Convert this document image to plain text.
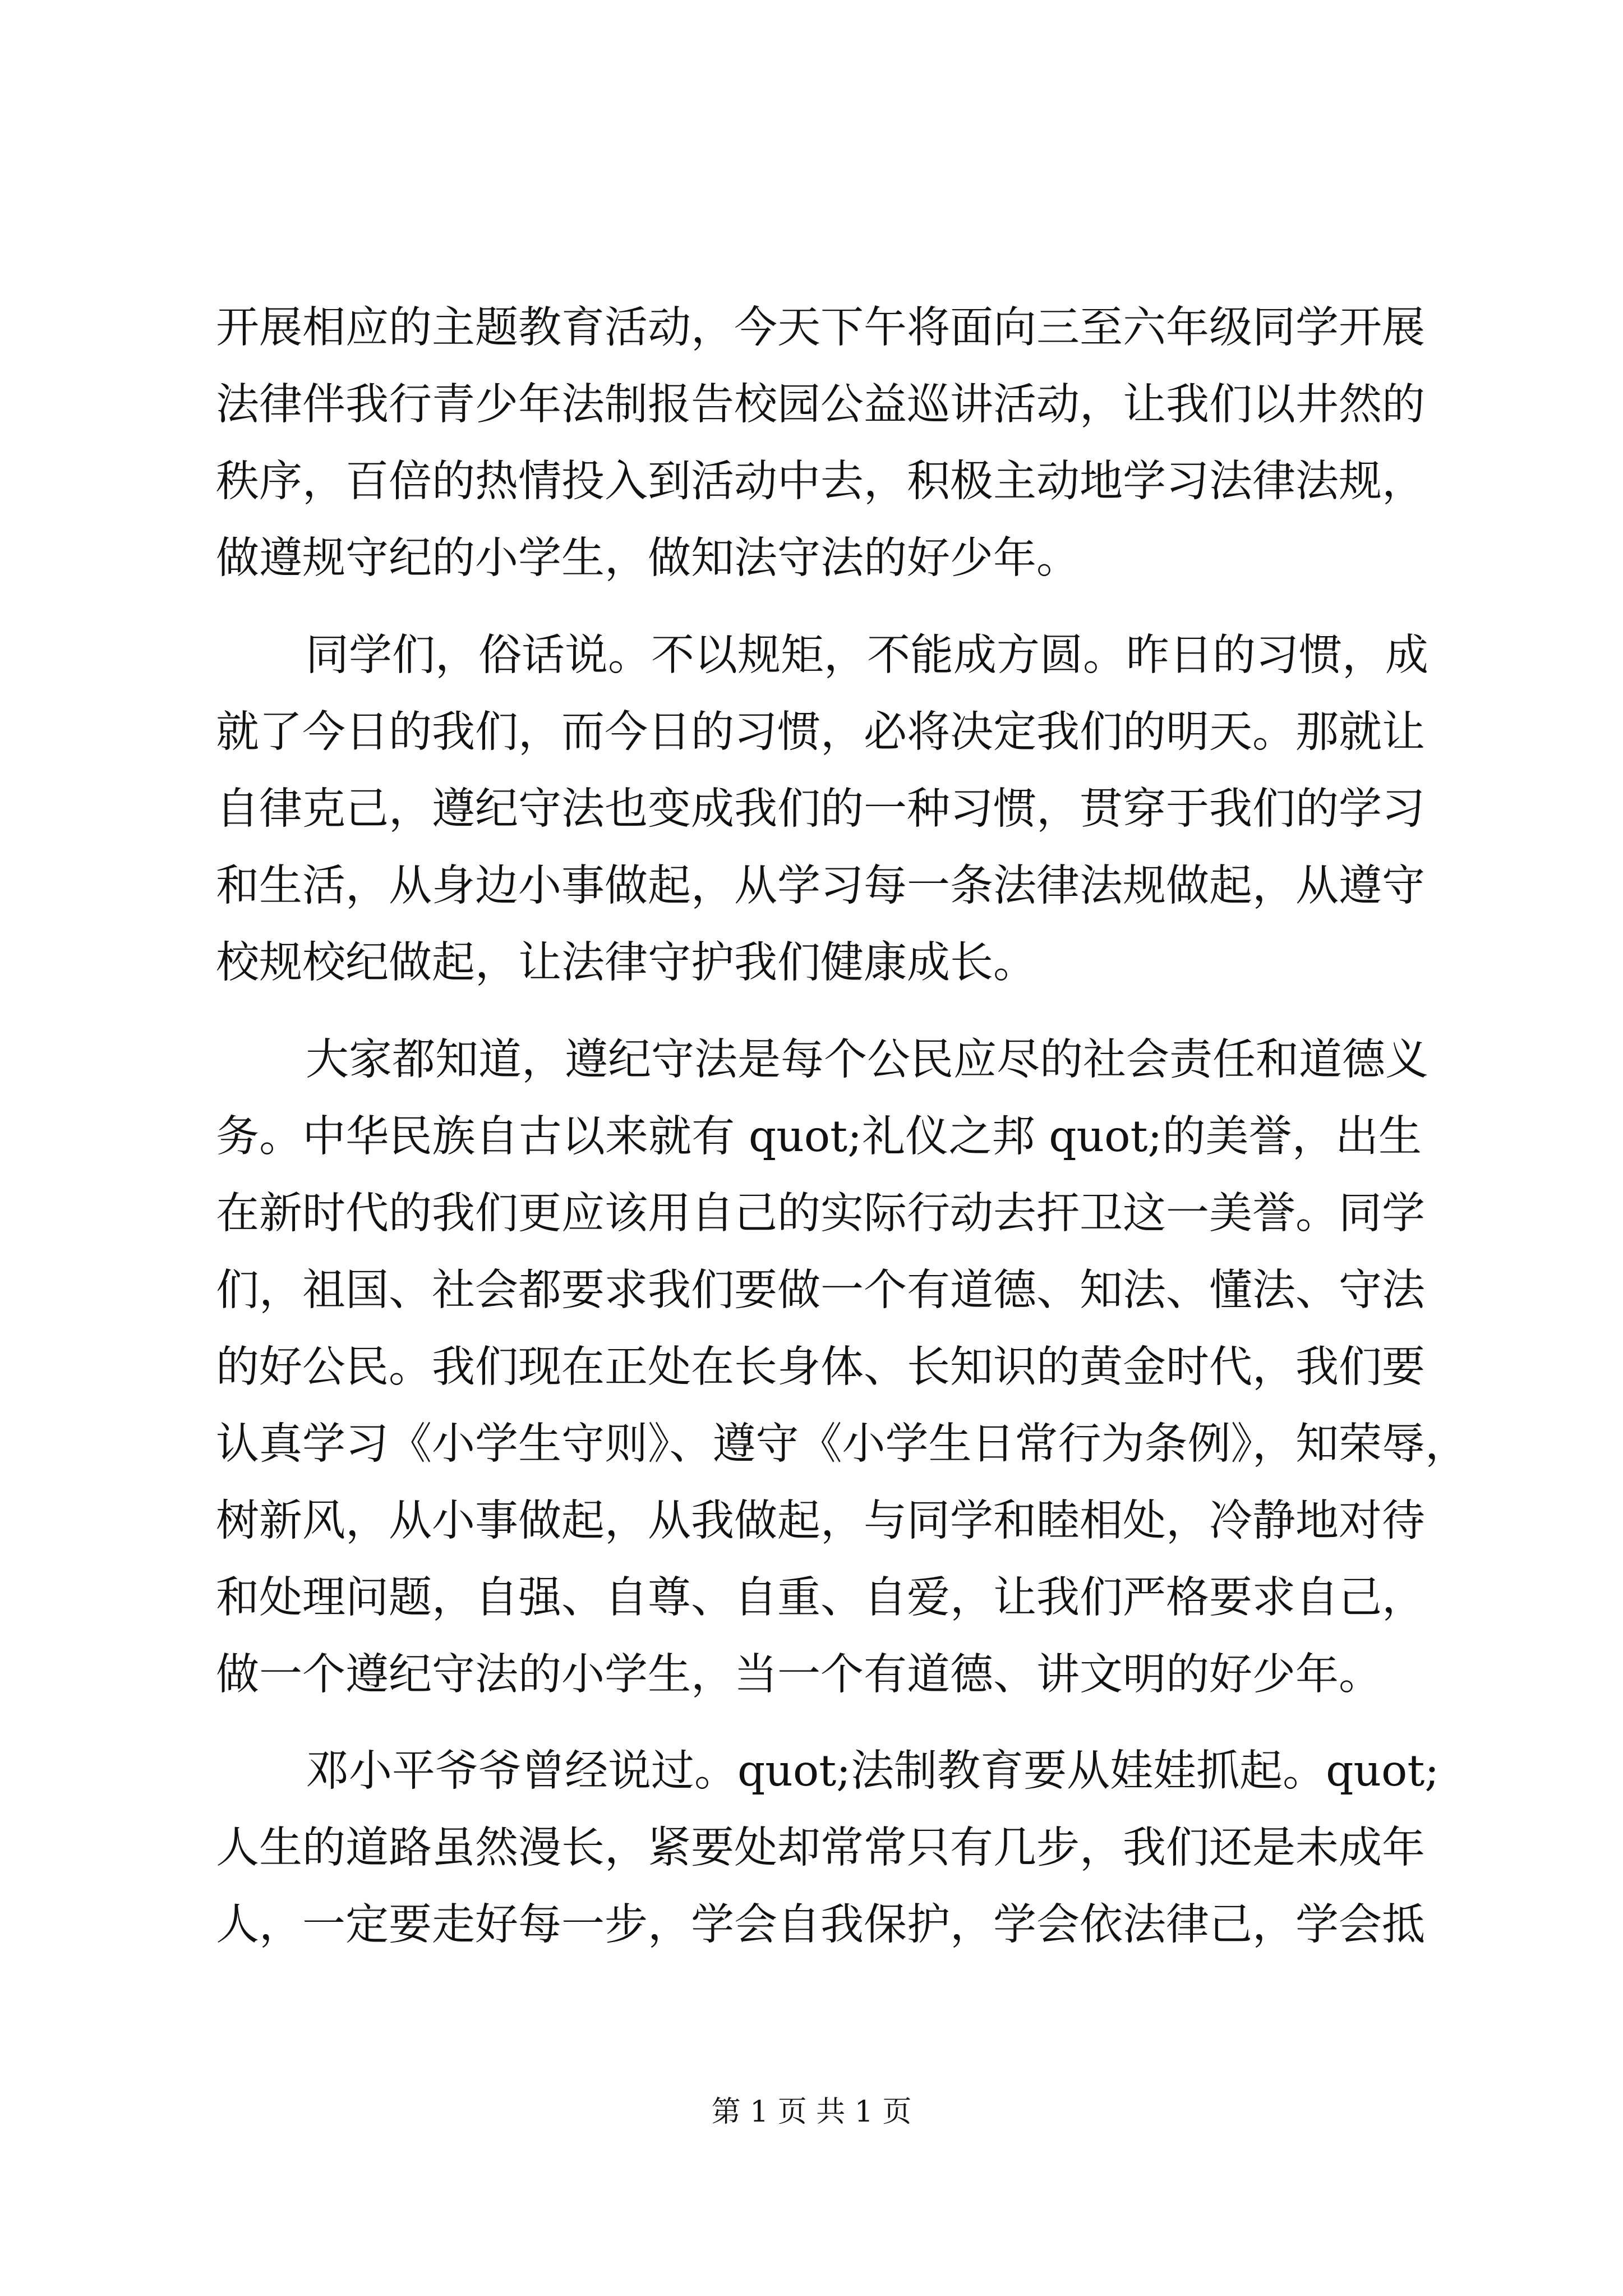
开展相应的主题教育活动，今天下午将面向三至六年级同学开展
法律伴我行青少年法制报告校园公益巡讲活动，让我们以井然的
秩序，百倍的热情投入到活动中去，积极主动地学习法律法规，
做遵规守纪的小学生，做知法守法的好少年。
同学们，俗话说。不以规矩，不能成方圆。昨日的习惯，成
就了今日的我们，而今日的习惯，必将决定我们的明天。那就让
自律克己，遵纪守法也变成我们的一种习惯，贯穿于我们的学习
和生活，从身边小事做起，从学习每一条法律法规做起，从遵守
校规校纪做起，让法律守护我们健康成长。
大家都知道，遵纪守法是每个公民应尽的社会责任和道德义
务。中华民族自古以来就有 quot;礼仪之邦 quot;的美誉，出生
在新时代的我们更应该用自己的实际行动去扞卫这一美誉。同学
们，祖国、社会都要求我们要做一个有道德、知法、懂法、守法
的好公民。我们现在正处在长身体、长知识的黄金时代，我们要
认真学习《小学生守则》、遵守《小学生日常行为条例》，知荣辱，
树新风，从小事做起，从我做起，与同学和睦相处，冷静地对待
和处理问题，自强、自尊、自重、自爱，让我们严格要求自己，
做一个遵纪守法的小学生，当一个有道德、讲文明的好少年。
邓小平爷爷曾经说过。quot;法制教育要从娃娃抓起。quot;
人生的道路虽然漫长，紧要处却常常只有几步，我们还是未成年
人，一定要走好每一步，学会自我保护，学会依法律己，学会抵
第 1 页 共 1 页
